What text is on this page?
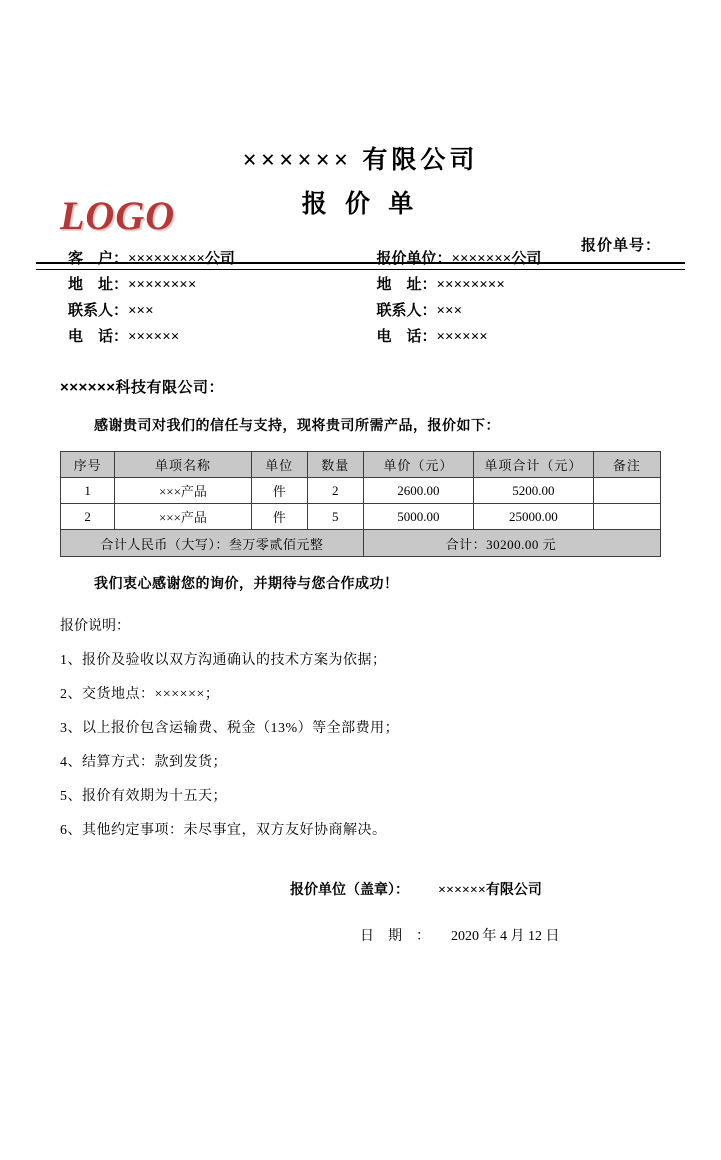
LOGO
报价单号：
×××××× 有限公司
报 价 单
客　户：×××××××××公司
地　址：××××××××
联系人：×××
电　话：××××××
报价单位：×××××××公司
地　址：××××××××
联系人：×××
电　话：××××××
××××××科技有限公司：
感谢贵司对我们的信任与支持，现将贵司所需产品，报价如下：
序号	单项名称	单位	数量	单价（元）	单项合计（元）	备注
1	×××产品	件	2	2600.00	5200.00	
2	×××产品	件	5	5000.00	25000.00	
合计人民币（大写）：叁万零贰佰元整				合计：30200.00 元		
我们衷心感谢您的询价，并期待与您合作成功！
报价说明：
1、报价及验收以双方沟通确认的技术方案为依据；
2、交货地点：××××××；
3、以上报价包含运输费、税金（13%）等全部费用；
4、结算方式：款到发货；
5、报价有效期为十五天；
6、其他约定事项：未尽事宜，双方友好协商解决。
报价单位（盖章）： ××××××有限公司
日　期　： 2020 年 4 月 12 日
